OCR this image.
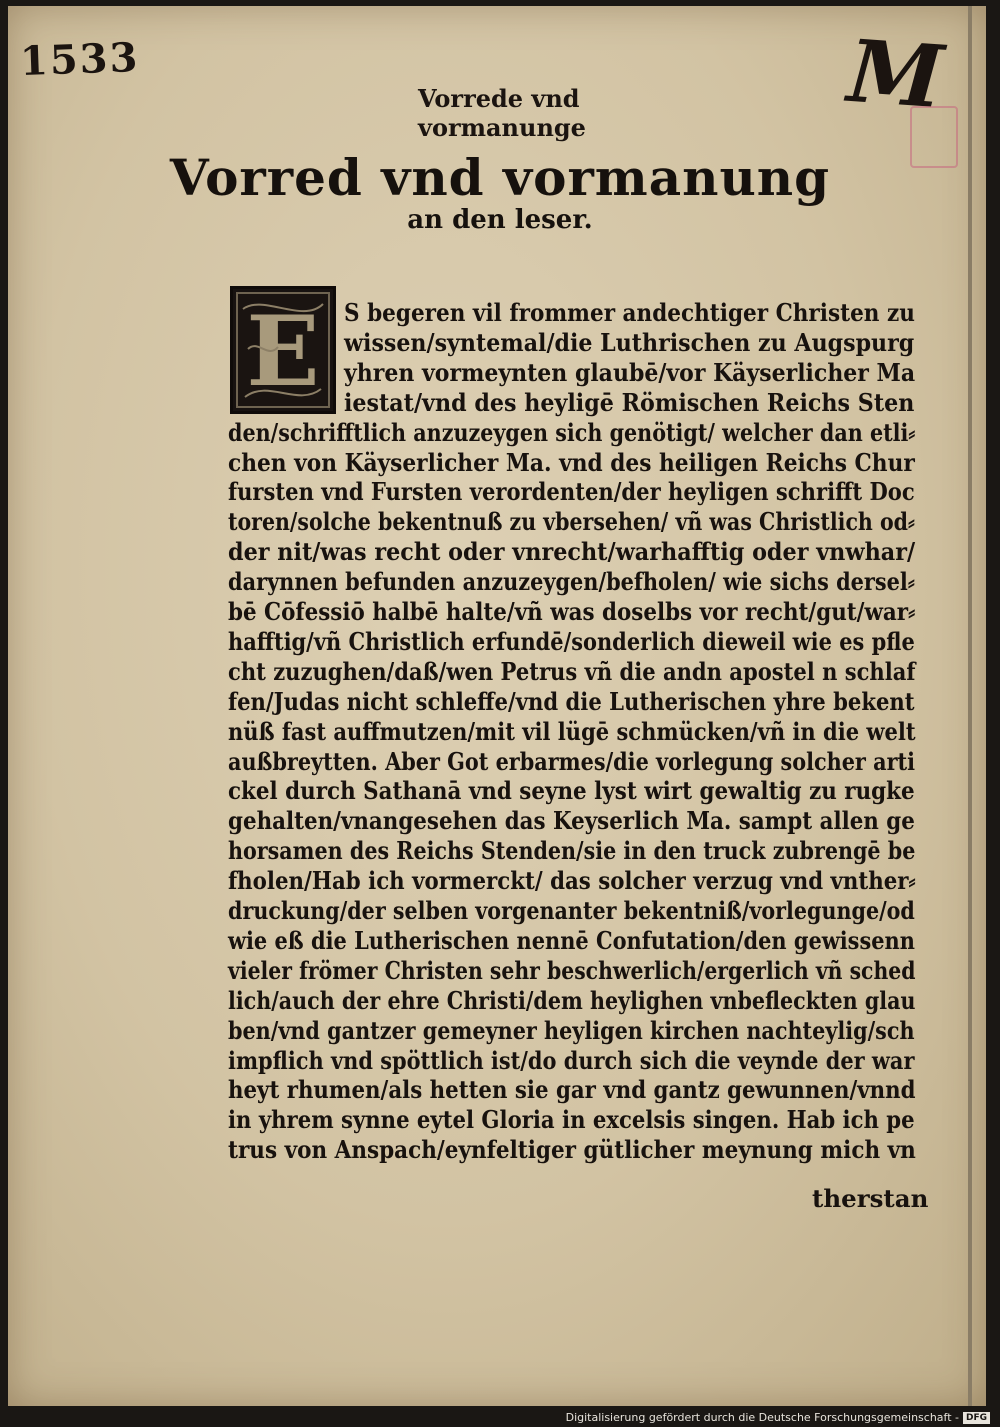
1533	M
Vorrede vnd vormanunge
Vorred vnd vormanung
an den leser.
E S begeren vil frommer andechtiger Christen zu
wissen/syntemal/die Luthrischen zu Augspurg
yhren vormeynten glaubē/vor Käyserlicher Ma
iestat/vnd des heyligē Römischen Reichs Sten
den/schrifftlich anzuzeygen sich genötigt/ welcher dan etli⸗
chen von Käyserlicher Ma. vnd des heiligen Reichs Chur
fursten vnd Fursten verordenten/der heyligen schrifft Doc
toren/solche bekentnuß zu vbersehen/ vñ was Christlich od⸗
der nit/was recht oder vnrecht/warhafftig oder vnwhar/
darynnen befunden anzuzeygen/befholen/ wie sichs dersel⸗
bē Cōfessiō halbē halte/vñ was doselbs vor recht/gut/war⸗
hafftig/vñ Christlich erfundē/sonderlich dieweil wie es pfle
cht zuzughen/daß/wen Petrus vñ die andn apostel n schlaf
fen/Judas nicht schleffe/vnd die Lutherischen yhre bekent
nüß fast auffmutzen/mit vil lügē schmücken/vñ in die welt
außbreytten. Aber Got erbarmes/die vorlegung solcher arti
ckel durch Sathanā vnd seyne lyst wirt gewaltig zu rugke
gehalten/vnangesehen das Keyserlich Ma. sampt allen ge
horsamen des Reichs Stenden/sie in den truck zubrengē be
fholen/Hab ich vormerckt/ das solcher verzug vnd vnther⸗
druckung/der selben vorgenanter bekentniß/vorlegunge/od
wie eß die Lutherischen nennē Confutation/den gewissenn
vieler frömer Christen sehr beschwerlich/ergerlich vñ sched
lich/auch der ehre Christi/dem heylighen vnbefleckten glau
ben/vnd gantzer gemeyner heyligen kirchen nachteylig/sch
impflich vnd spöttlich ist/do durch sich die veynde der war
heyt rhumen/als hetten sie gar vnd gantz gewunnen/vnnd
in yhrem synne eytel Gloria in excelsis singen. Hab ich pe
trus von Anspach/eynfeltiger gütlicher meynung mich vn
therstan
Digitalisierung gefördert durch die Deutsche Forschungsgemeinschaft - DFG
